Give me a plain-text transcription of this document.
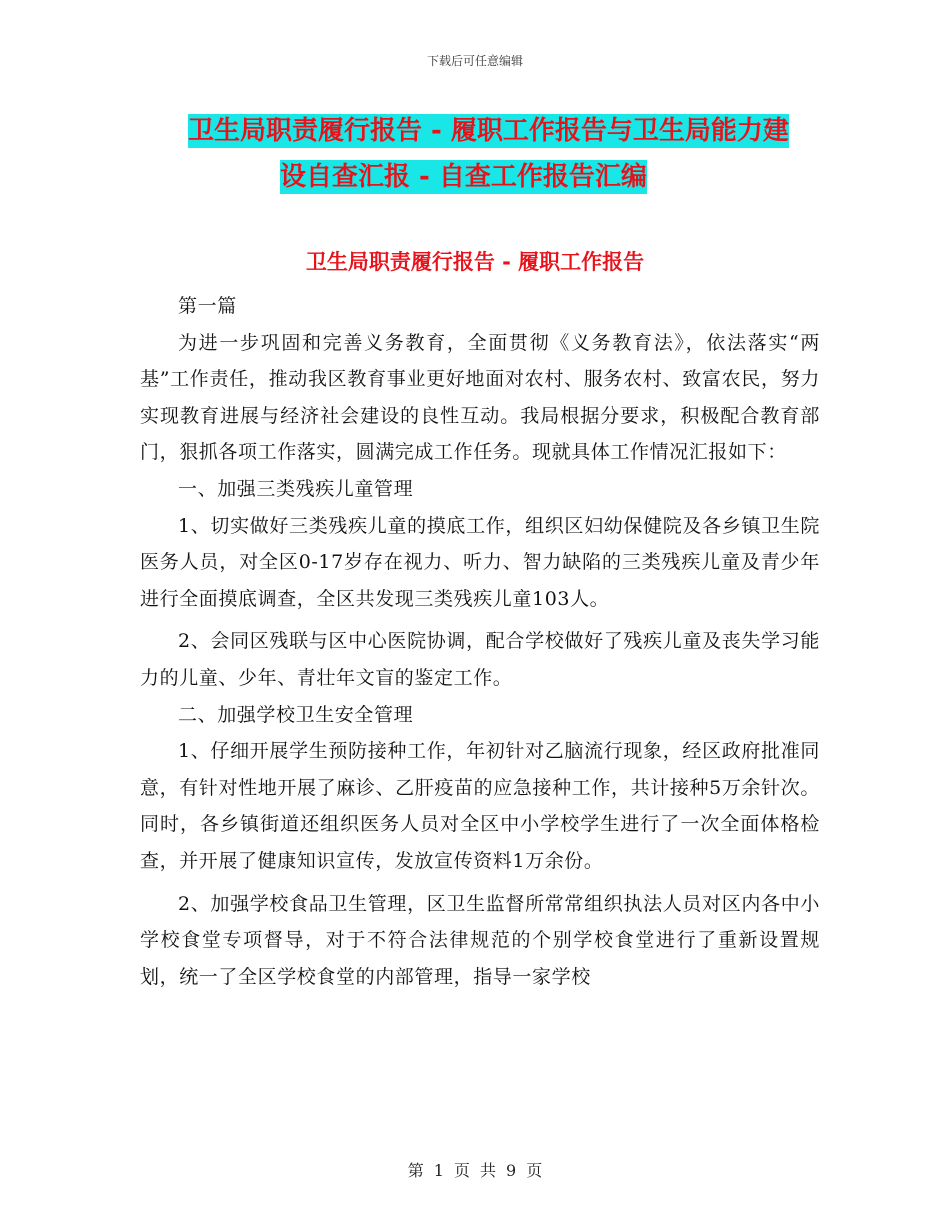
下载后可任意编辑
卫生局职责履行报告 - 履职工作报告与卫生局能力建
设自查汇报 - 自查工作报告汇编
卫生局职责履行报告 - 履职工作报告

第一篇

为进一步巩固和完善义务教育，全面贯彻《义务教育法》，依法落实“两基”工作责任，推动我区教育事业更好地面对农村、服务农村、致富农民，努力实现教育进展与经济社会建设的良性互动。我局根据分要求，积极配合教育部门，狠抓各项工作落实，圆满完成工作任务。现就具体工作情况汇报如下：

一、加强三类残疾儿童管理

1、切实做好三类残疾儿童的摸底工作，组织区妇幼保健院及各乡镇卫生院医务人员，对全区0-17岁存在视力、听力、智力缺陷的三类残疾儿童及青少年进行全面摸底调查，全区共发现三类残疾儿童103人。

2、会同区残联与区中心医院协调，配合学校做好了残疾儿童及丧失学习能力的儿童、少年、青壮年文盲的鉴定工作。

二、加强学校卫生安全管理

1、仔细开展学生预防接种工作，年初针对乙脑流行现象，经区政府批准同意，有针对性地开展了麻诊、乙肝疫苗的应急接种工作，共计接种5万余针次。同时，各乡镇街道还组织医务人员对全区中小学校学生进行了一次全面体格检查，并开展了健康知识宣传，发放宣传资料1万余份。

2、加强学校食品卫生管理，区卫生监督所常常组织执法人员对区内各中小学校食堂专项督导，对于不符合法律规范的个别学校食堂进行了重新设置规划，统一了全区学校食堂的内部管理，指导一家学校

第 1 页 共 9 页
